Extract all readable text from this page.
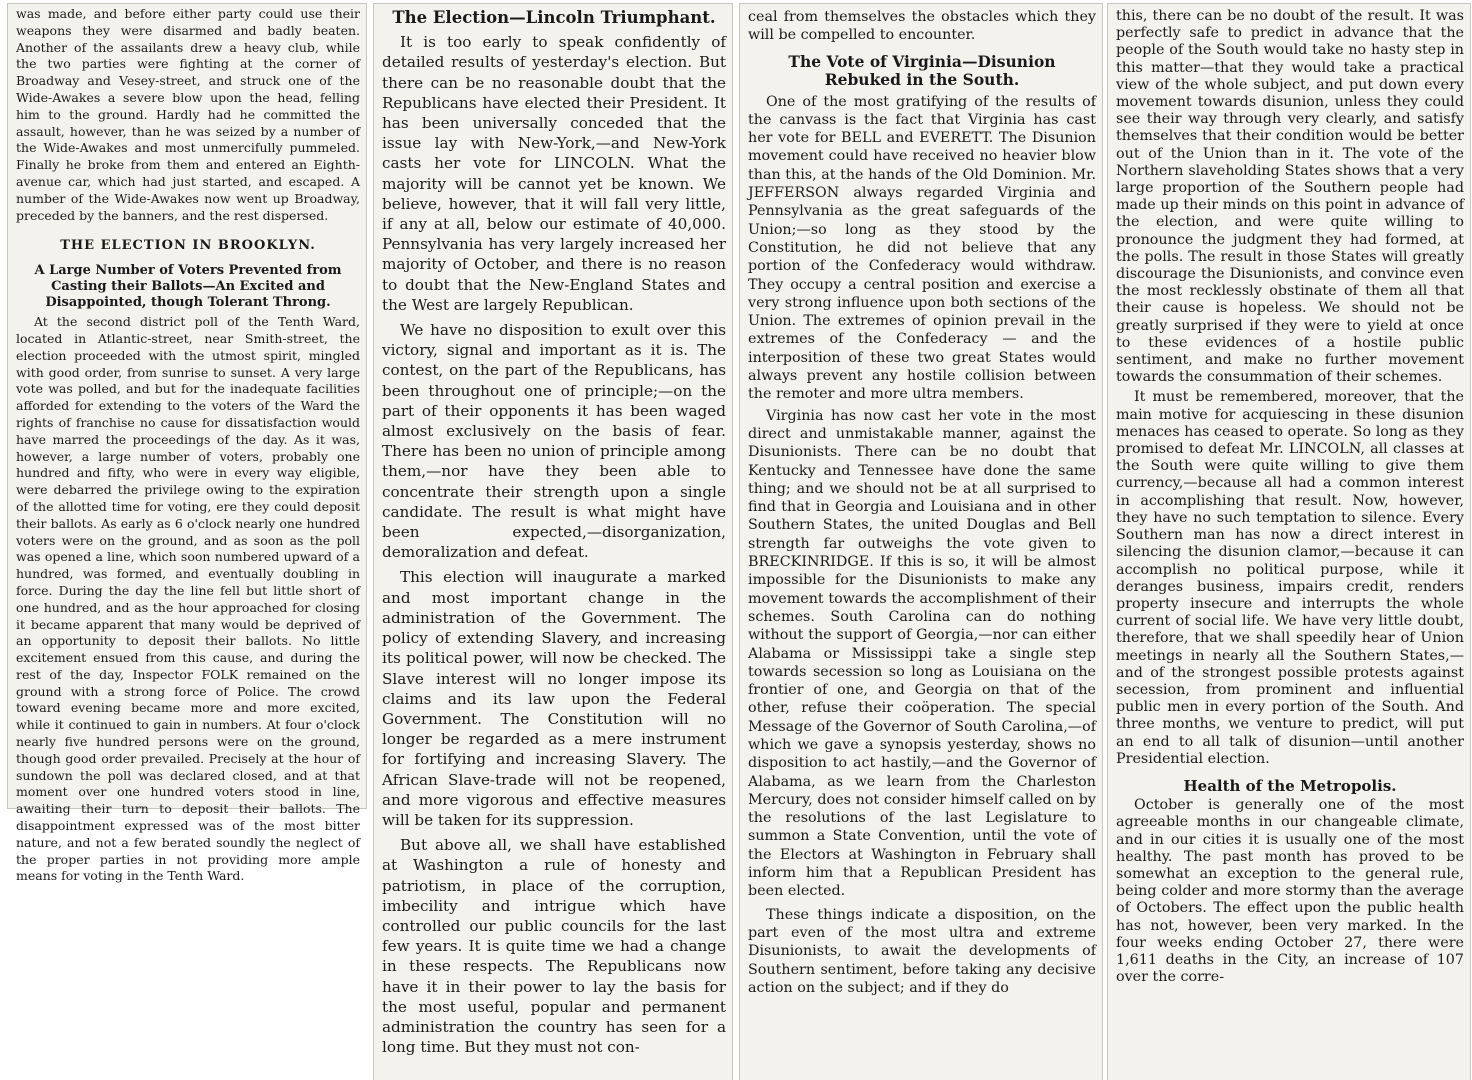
was made, and before either party could use their weapons they were disarmed and badly beaten. Another of the assailants drew a heavy club, while the two parties were fighting at the corner of Broadway and Vesey-street, and struck one of the Wide-Awakes a severe blow upon the head, felling him to the ground. Hardly had he committed the assault, however, than he was seized by a number of the Wide-Awakes and most unmercifully pummeled. Finally he broke from them and entered an Eighth-avenue car, which had just started, and escaped. A number of the Wide-Awakes now went up Broadway, preceded by the banners, and the rest dispersed.

THE ELECTION IN BROOKLYN.
A Large Number of Voters Prevented from Casting their Ballots—An Excited and Disappointed, though Tolerant Throng.

At the second district poll of the Tenth Ward, located in Atlantic-street, near Smith-street, the election proceeded with the utmost spirit, mingled with good order, from sunrise to sunset. A very large vote was polled, and but for the inadequate facilities afforded for extending to the voters of the Ward the rights of franchise no cause for dissatisfaction would have marred the proceedings of the day. As it was, however, a large number of voters, probably one hundred and fifty, who were in every way eligible, were debarred the privilege owing to the expiration of the allotted time for voting, ere they could deposit their ballots. As early as 6 o'clock nearly one hundred voters were on the ground, and as soon as the poll was opened a line, which soon numbered upward of a hundred, was formed, and eventually doubling in force. During the day the line fell but little short of one hundred, and as the hour approached for closing it became apparent that many would be deprived of an opportunity to deposit their ballots. No little excitement ensued from this cause, and during the rest of the day, Inspector FOLK remained on the ground with a strong force of Police. The crowd toward evening became more and more excited, while it continued to gain in numbers. At four o'clock nearly five hundred persons were on the ground, though good order prevailed. Precisely at the hour of sundown the poll was declared closed, and at that moment over one hundred voters stood in line, awaiting their turn to deposit their ballots. The disappointment expressed was of the most bitter nature, and not a few berated soundly the neglect of the proper parties in not providing more ample means for voting in the Tenth Ward.

The Election—Lincoln Triumphant.

It is too early to speak confidently of detailed results of yesterday's election. But there can be no reasonable doubt that the Republicans have elected their President. It has been universally conceded that the issue lay with New-York,—and New-York casts her vote for LINCOLN. What the majority will be cannot yet be known. We believe, however, that it will fall very little, if any at all, below our estimate of 40,000. Pennsylvania has very largely increased her majority of October, and there is no reason to doubt that the New-England States and the West are largely Republican.

We have no disposition to exult over this victory, signal and important as it is. The contest, on the part of the Republicans, has been throughout one of principle;—on the part of their opponents it has been waged almost exclusively on the basis of fear. There has been no union of principle among them,—nor have they been able to concentrate their strength upon a single candidate. The result is what might have been expected,—disorganization, demoralization and defeat.

This election will inaugurate a marked and most important change in the administration of the Government. The policy of extending Slavery, and increasing its political power, will now be checked. The Slave interest will no longer impose its claims and its law upon the Federal Government. The Constitution will no longer be regarded as a mere instrument for fortifying and increasing Slavery. The African Slave-trade will not be reopened, and more vigorous and effective measures will be taken for its suppression.

But above all, we shall have established at Washington a rule of honesty and patriotism, in place of the corruption, imbecility and intrigue which have controlled our public councils for the last few years. It is quite time we had a change in these respects. The Republicans now have it in their power to lay the basis for the most useful, popular and permanent administration the country has seen for a long time. But they must not con-

ceal from themselves the obstacles which they will be compelled to encounter.

The Vote of Virginia—Disunion Rebuked in the South.

One of the most gratifying of the results of the canvass is the fact that Virginia has cast her vote for BELL and EVERETT. The Disunion movement could have received no heavier blow than this, at the hands of the Old Dominion. Mr. JEFFERSON always regarded Virginia and Pennsylvania as the great safeguards of the Union;—so long as they stood by the Constitution, he did not believe that any portion of the Confederacy would withdraw. They occupy a central position and exercise a very strong influence upon both sections of the Union. The extremes of opinion prevail in the extremes of the Confederacy — and the interposition of these two great States would always prevent any hostile collision between the remoter and more ultra members.

Virginia has now cast her vote in the most direct and unmistakable manner, against the Disunionists. There can be no doubt that Kentucky and Tennessee have done the same thing; and we should not be at all surprised to find that in Georgia and Louisiana and in other Southern States, the united Douglas and Bell strength far outweighs the vote given to BRECKINRIDGE. If this is so, it will be almost impossible for the Disunionists to make any movement towards the accomplishment of their schemes. South Carolina can do nothing without the support of Georgia,—nor can either Alabama or Mississippi take a single step towards secession so long as Louisiana on the frontier of one, and Georgia on that of the other, refuse their coöperation. The special Message of the Governor of South Carolina,—of which we gave a synopsis yesterday, shows no disposition to act hastily,—and the Governor of Alabama, as we learn from the Charleston Mercury, does not consider himself called on by the resolutions of the last Legislature to summon a State Convention, until the vote of the Electors at Washington in February shall inform him that a Republican President has been elected.

These things indicate a disposition, on the part even of the most ultra and extreme Disunionists, to await the developments of Southern sentiment, before taking any decisive action on the subject; and if they do

this, there can be no doubt of the result. It was perfectly safe to predict in advance that the people of the South would take no hasty step in this matter—that they would take a practical view of the whole subject, and put down every movement towards disunion, unless they could see their way through very clearly, and satisfy themselves that their condition would be better out of the Union than in it. The vote of the Northern slaveholding States shows that a very large proportion of the Southern people had made up their minds on this point in advance of the election, and were quite willing to pronounce the judgment they had formed, at the polls. The result in those States will greatly discourage the Disunionists, and convince even the most recklessly obstinate of them all that their cause is hopeless. We should not be greatly surprised if they were to yield at once to these evidences of a hostile public sentiment, and make no further movement towards the consummation of their schemes.

It must be remembered, moreover, that the main motive for acquiescing in these disunion menaces has ceased to operate. So long as they promised to defeat Mr. LINCOLN, all classes at the South were quite willing to give them currency,—because all had a common interest in accomplishing that result. Now, however, they have no such temptation to silence. Every Southern man has now a direct interest in silencing the disunion clamor,—because it can accomplish no political purpose, while it deranges business, impairs credit, renders property insecure and interrupts the whole current of social life. We have very little doubt, therefore, that we shall speedily hear of Union meetings in nearly all the Southern States,—and of the strongest possible protests against secession, from prominent and influential public men in every portion of the South. And three months, we venture to predict, will put an end to all talk of disunion—until another Presidential election.

Health of the Metropolis.

October is generally one of the most agreeable months in our changeable climate, and in our cities it is usually one of the most healthy. The past month has proved to be somewhat an exception to the general rule, being colder and more stormy than the average of Octobers. The effect upon the public health has not, however, been very marked. In the four weeks ending October 27, there were 1,611 deaths in the City, an increase of 107 over the corre-
